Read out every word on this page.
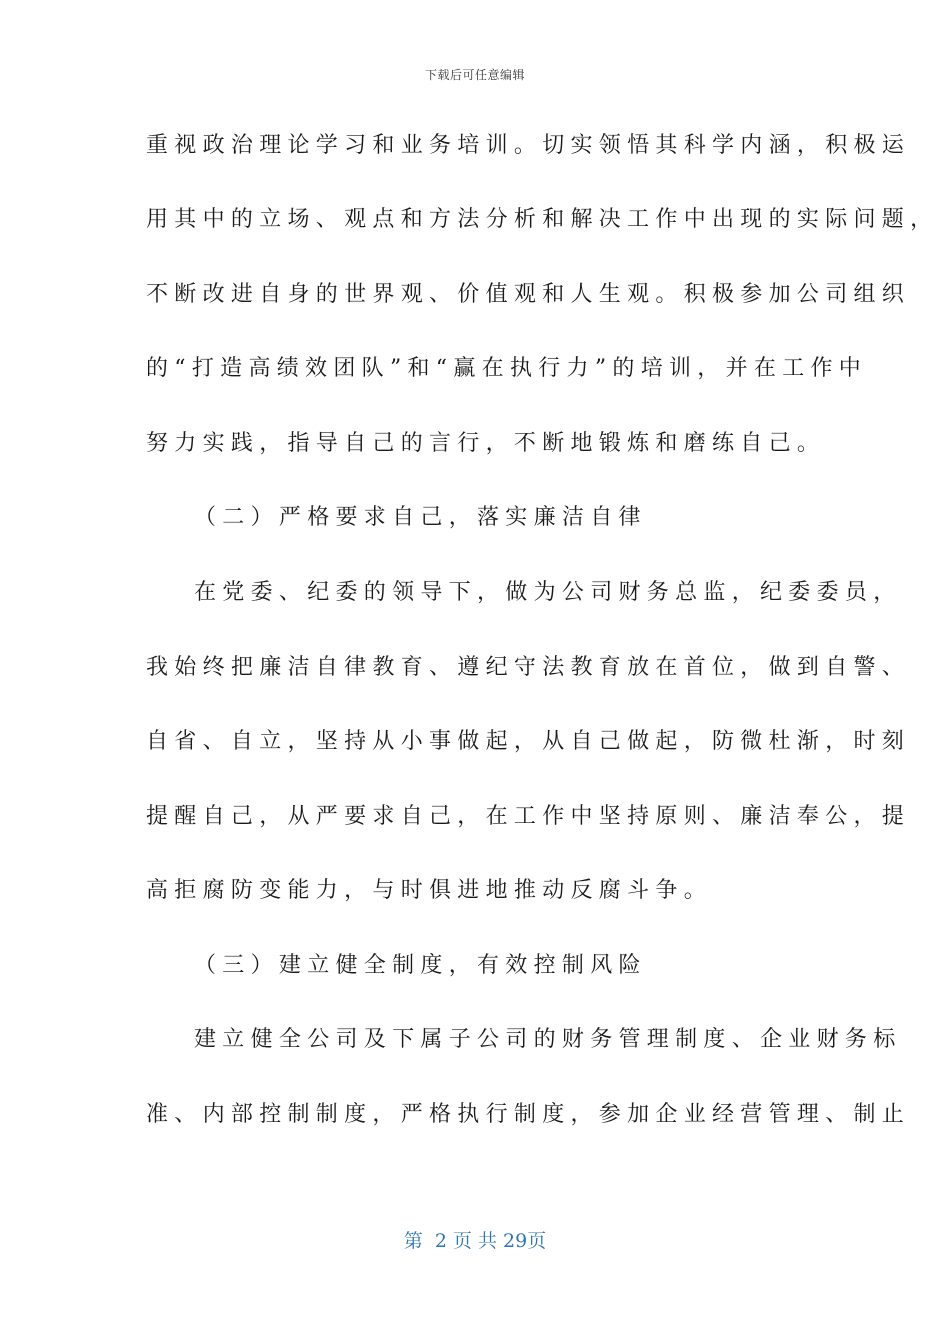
下载后可任意编辑
重视政治理论学习和业务培训。切实领悟其科学内涵，积极运
用其中的立场、观点和方法分析和解决工作中出现的实际问题，
不断改进自身的世界观、价值观和人生观。积极参加公司组织
的“打造高绩效团队”和“赢在执行力”的培训，并在工作中
努力实践，指导自己的言行，不断地锻炼和磨练自己。
（二）严格要求自己，落实廉洁自律
在党委、纪委的领导下，做为公司财务总监，纪委委员，
我始终把廉洁自律教育、遵纪守法教育放在首位，做到自警、
自省、自立，坚持从小事做起，从自己做起，防微杜渐，时刻
提醒自己，从严要求自己，在工作中坚持原则、廉洁奉公，提
高拒腐防变能力，与时俱进地推动反腐斗争。
（三）建立健全制度，有效控制风险
建立健全公司及下属子公司的财务管理制度、企业财务标
准、内部控制制度，严格执行制度，参加企业经营管理、制止
第  2 页 共 29页
